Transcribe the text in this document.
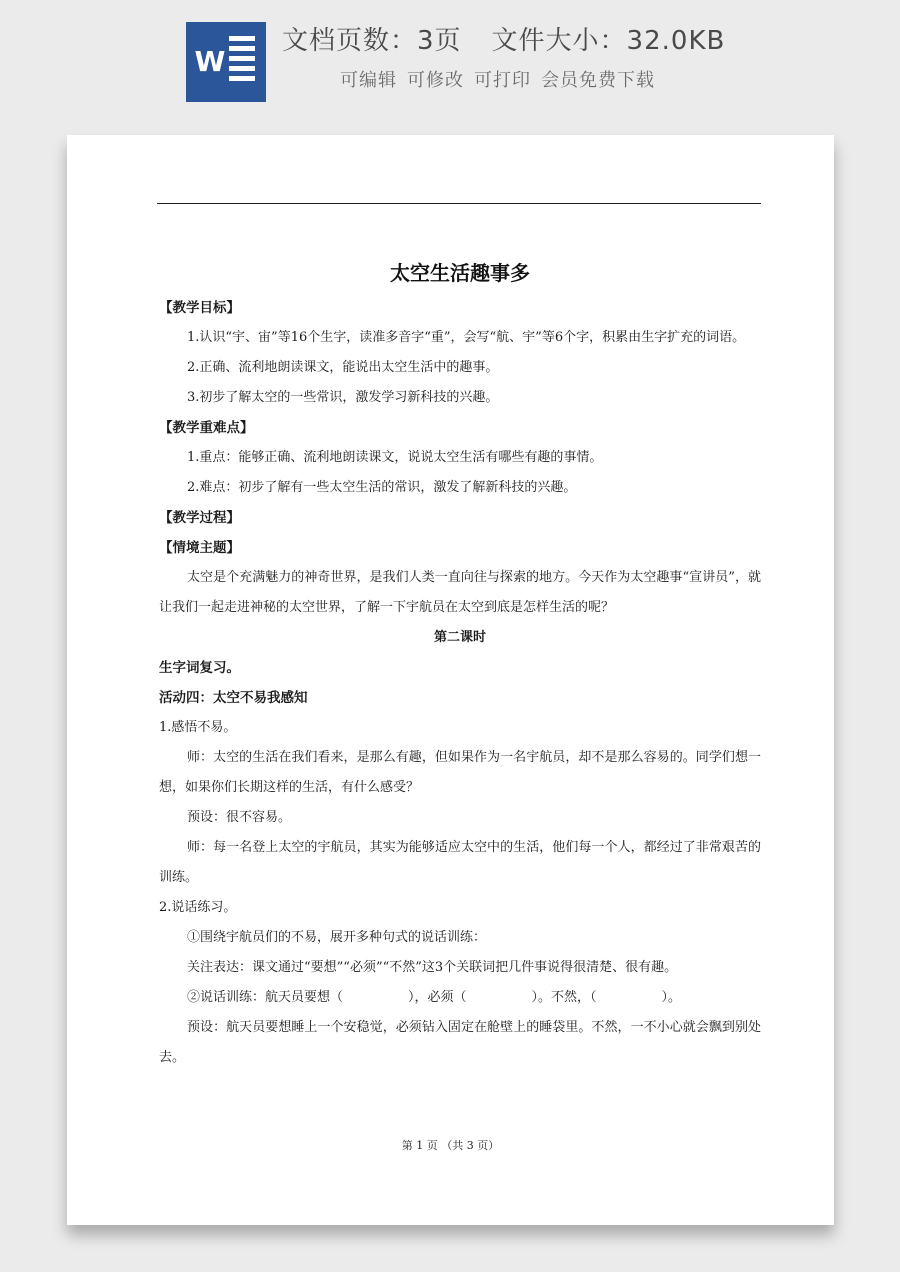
W
文档页数：3页 文件大小：32.0KB
可编辑 可修改 可打印 会员免费下载
太空生活趣事多

【教学目标】

1.认识“宇、宙”等16个生字，读准多音字“重”，会写“航、宇”等6个字，积累由生字扩充的词语。

2.正确、流利地朗读课文，能说出太空生活中的趣事。

3.初步了解太空的一些常识，激发学习新科技的兴趣。

【教学重难点】

1.重点：能够正确、流利地朗读课文，说说太空生活有哪些有趣的事情。

2.难点：初步了解有一些太空生活的常识，激发了解新科技的兴趣。

【教学过程】

【情境主题】

太空是个充满魅力的神奇世界，是我们人类一直向往与探索的地方。今天作为太空趣事“宣讲员”，就让我们一起走进神秘的太空世界，了解一下宇航员在太空到底是怎样生活的呢？

第二课时

生字词复习。

活动四：太空不易我感知

1.感悟不易。

师：太空的生活在我们看来，是那么有趣，但如果作为一名宇航员，却不是那么容易的。同学们想一想，如果你们长期这样的生活，有什么感受？

预设：很不容易。

师：每一名登上太空的宇航员，其实为能够适应太空中的生活，他们每一个人，都经过了非常艰苦的训练。

2.说话练习。

①围绕宇航员们的不易，展开多种句式的说话训练：

关注表达：课文通过“要想”“必须”“不然”这3个关联词把几件事说得很清楚、很有趣。

②说话训练：航天员要想（　　　　　），必须（　　　　　）。不然，（　　　　　）。

预设：航天员要想睡上一个安稳觉，必须钻入固定在舱壁上的睡袋里。不然，一不小心就会飘到别处去。

第 1 页 （共 3 页）
